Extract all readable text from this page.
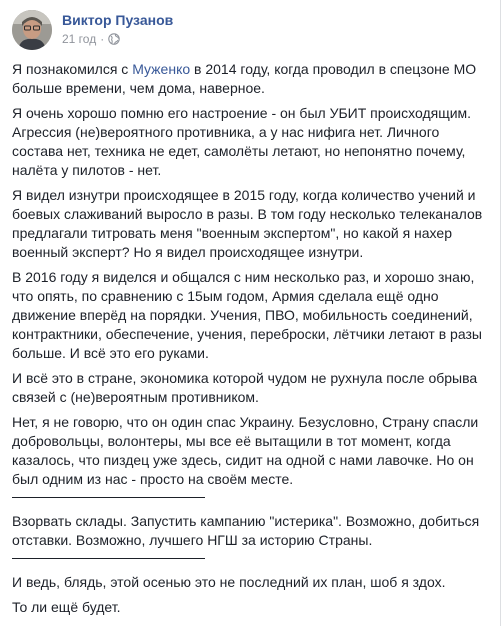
Виктор Пузанов
21 год ·

Я познакомился с Муженко в 2014 году, когда проводил в спецзоне МО больше времени, чем дома, наверное.

Я очень хорошо помню его настроение - он был УБИТ происходящим. Агрессия (не)вероятного противника, а у нас нифига нет. Личного состава нет, техника не едет, самолёты летают, но непонятно почему, налёта у пилотов - нет.

Я видел изнутри происходящее в 2015 году, когда количество учений и боевых слаживаний выросло в разы. В том году несколько телеканалов предлагали титровать меня "военным экспертом", но какой я нахер военный эксперт? Но я видел происходящее изнутри.

В 2016 году я виделся и общался с ним несколько раз, и хорошо знаю, что опять, по сравнению с 15ым годом, Армия сделала ещё одно движение вперёд на порядки. Учения, ПВО, мобильность соединений, контрактники, обеспечение, учения, переброски, лётчики летают в разы больше. И всё это его руками.

И всё это в стране, экономика которой чудом не рухнула после обрыва связей с (не)вероятным противником.

Нет, я не говорю, что он один спас Украину. Безусловно, Страну спасли добровольцы, волонтеры, мы все её вытащили в тот момент, когда казалось, что пиздец уже здесь, сидит на одной с нами лавочке. Но он был одним из нас - просто на своём месте.

Взорвать склады. Запустить кампанию "истерика". Возможно, добиться отставки. Возможно, лучшего НГШ за историю Страны.

И ведь, блядь, этой осенью это не последний их план, шоб я здох.

То ли ещё будет.
